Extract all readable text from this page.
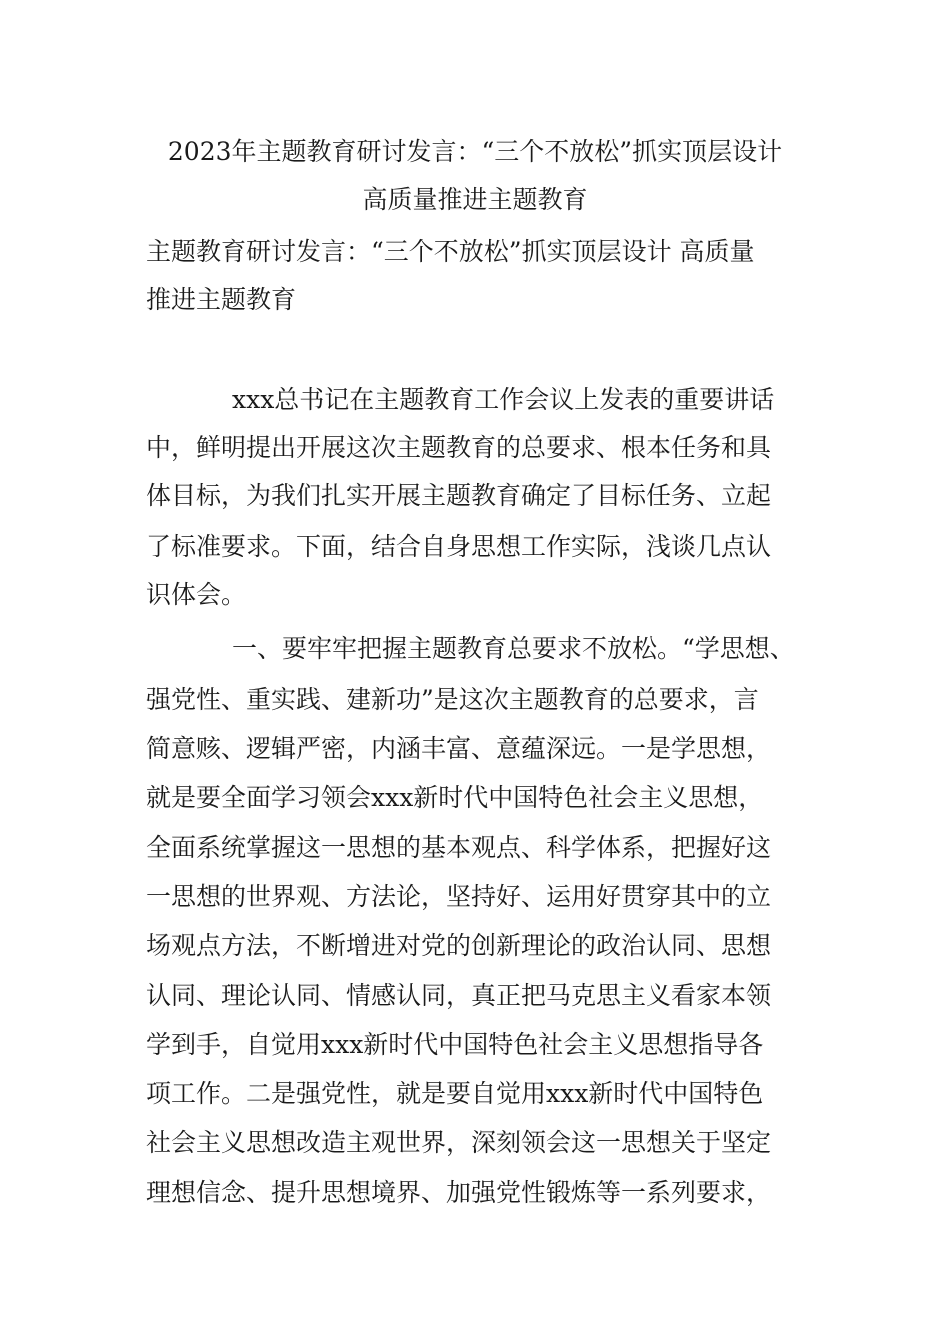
2023年主题教育研讨发言：“三个不放松”抓实顶层设计
高质量推进主题教育
主题教育研讨发言：“三个不放松”抓实顶层设计 高质量
推进主题教育
xxx总书记在主题教育工作会议上发表的重要讲话
中，鲜明提出开展这次主题教育的总要求、根本任务和具
体目标，为我们扎实开展主题教育确定了目标任务、立起
了标准要求。下面，结合自身思想工作实际，浅谈几点认
识体会。
一、要牢牢把握主题教育总要求不放松。“学思想、
强党性、重实践、建新功”是这次主题教育的总要求，言
简意赅、逻辑严密，内涵丰富、意蕴深远。一是学思想，
就是要全面学习领会xxx新时代中国特色社会主义思想，
全面系统掌握这一思想的基本观点、科学体系，把握好这
一思想的世界观、方法论，坚持好、运用好贯穿其中的立
场观点方法，不断增进对党的创新理论的政治认同、思想
认同、理论认同、情感认同，真正把马克思主义看家本领
学到手，自觉用xxx新时代中国特色社会主义思想指导各
项工作。二是强党性，就是要自觉用xxx新时代中国特色
社会主义思想改造主观世界，深刻领会这一思想关于坚定
理想信念、提升思想境界、加强党性锻炼等一系列要求，
